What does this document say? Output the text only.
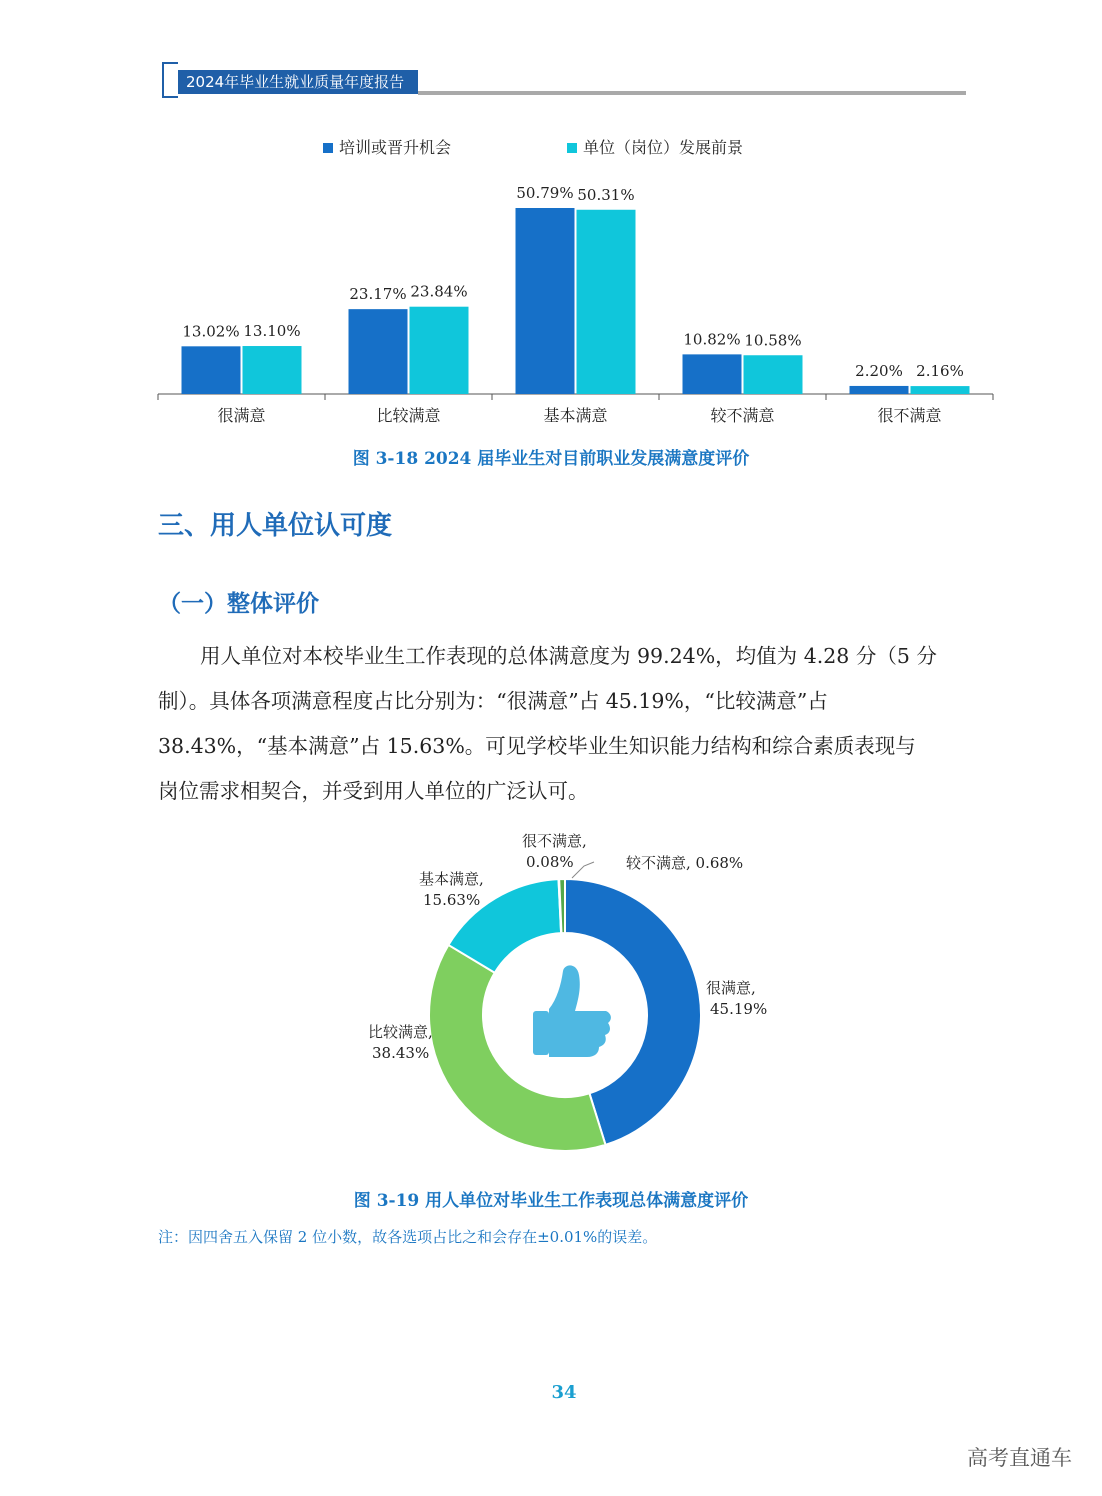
2024年毕业生就业质量年度报告
培训或晋升机会	单位（岗位）发展前景
13.02% 13.10%
很满意
23.17% 23.84%
比较满意
50.79% 50.31%
基本满意
10.82% 10.58%
较不满意
2.20% 2.16%
很不满意
图 3-18 2024 届毕业生对目前职业发展满意度评价
三、用人单位认可度
（一）整体评价

用人单位对本校毕业生工作表现的总体满意度为 99.24%，均值为 4.28 分（5 分
制）。具体各项满意程度占比分别为：“很满意”占 45.19%，“比较满意”占
38.43%，“基本满意”占 15.63%。可见学校毕业生知识能力结构和综合素质表现与
岗位需求相契合，并受到用人单位的广泛认可。

很满意,
45.19%
比较满意,
38.43%
基本满意,
15.63%
很不满意,
0.08%	较不满意, 0.68%
图 3-19 用人单位对毕业生工作表现总体满意度评价
注：因四舍五入保留 2 位小数，故各选项占比之和会存在±0.01%的误差。
34
高考直通车
